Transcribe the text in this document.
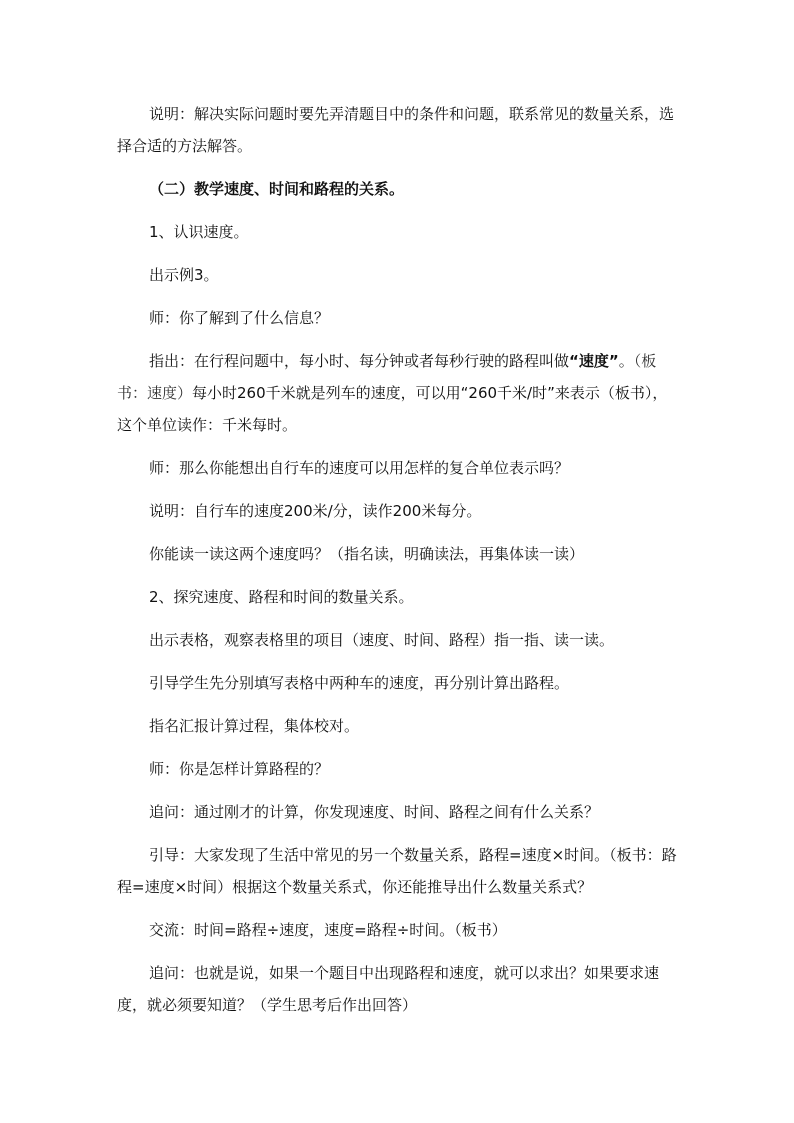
说明：解决实际问题时要先弄清题目中的条件和问题，联系常见的数量关系，选择合适的方法解答。

（二）教学速度、时间和路程的关系。

1、认识速度。

出示例3。

师：你了解到了什么信息？

指出：在行程问题中，每小时、每分钟或者每秒行驶的路程叫做“速度”。（板书：速度）每小时260千米就是列车的速度，可以用“260千米/时”来表示（板书），这个单位读作：千米每时。

师：那么你能想出自行车的速度可以用怎样的复合单位表示吗？

说明：自行车的速度200米/分，读作200米每分。

你能读一读这两个速度吗？（指名读，明确读法，再集体读一读）

2、探究速度、路程和时间的数量关系。

出示表格，观察表格里的项目（速度、时间、路程）指一指、读一读。

引导学生先分别填写表格中两种车的速度，再分别计算出路程。

指名汇报计算过程，集体校对。

师：你是怎样计算路程的？

追问：通过刚才的计算，你发现速度、时间、路程之间有什么关系？

引导：大家发现了生活中常见的另一个数量关系，路程=速度×时间。（板书：路程=速度×时间）根据这个数量关系式，你还能推导出什么数量关系式？

交流：时间=路程÷速度，速度=路程÷时间。（板书）

追问：也就是说，如果一个题目中出现路程和速度，就可以求出？如果要求速度，就必须要知道？（学生思考后作出回答）
